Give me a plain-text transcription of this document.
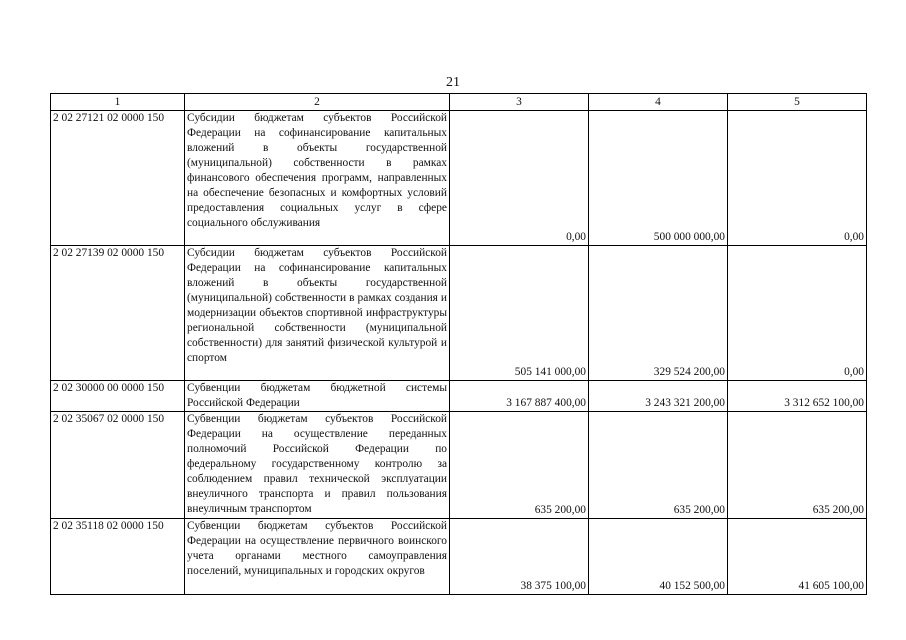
21
1	2	3	4	5
2 02 27121 02 0000 150	Субсидии бюджетам субъектов Российской Федерации на софинансирование капитальных вложений в объекты государственной (муниципальной) собственности в рамках финансового обеспечения программ, направленных на обеспечение безопасных и комфортных условий предоставления социальных услуг в сфере социального обслуживания	0,00	500 000 000,00	0,00
2 02 27139 02 0000 150	Субсидии бюджетам субъектов Российской Федерации на софинансирование капитальных вложений в объекты государственной (муниципальной) собственности в рамках создания и модернизации объектов спортивной инфраструктуры региональной собственности (муниципальной собственности) для занятий физической культурой и спортом	505 141 000,00	329 524 200,00	0,00
2 02 30000 00 0000 150	Субвенции бюджетам бюджетной системы Российской Федерации	3 167 887 400,00	3 243 321 200,00	3 312 652 100,00
2 02 35067 02 0000 150	Субвенции бюджетам субъектов Российской Федерации на осуществление переданных полномочий Российской Федерации по федеральному государственному контролю за соблюдением правил технической эксплуатации внеуличного транспорта и правил пользования внеуличным транспортом	635 200,00	635 200,00	635 200,00
2 02 35118 02 0000 150	Субвенции бюджетам субъектов Российской Федерации на осуществление первичного воинского учета органами местного самоуправления поселений, муниципальных и городских округов	38 375 100,00	40 152 500,00	41 605 100,00
